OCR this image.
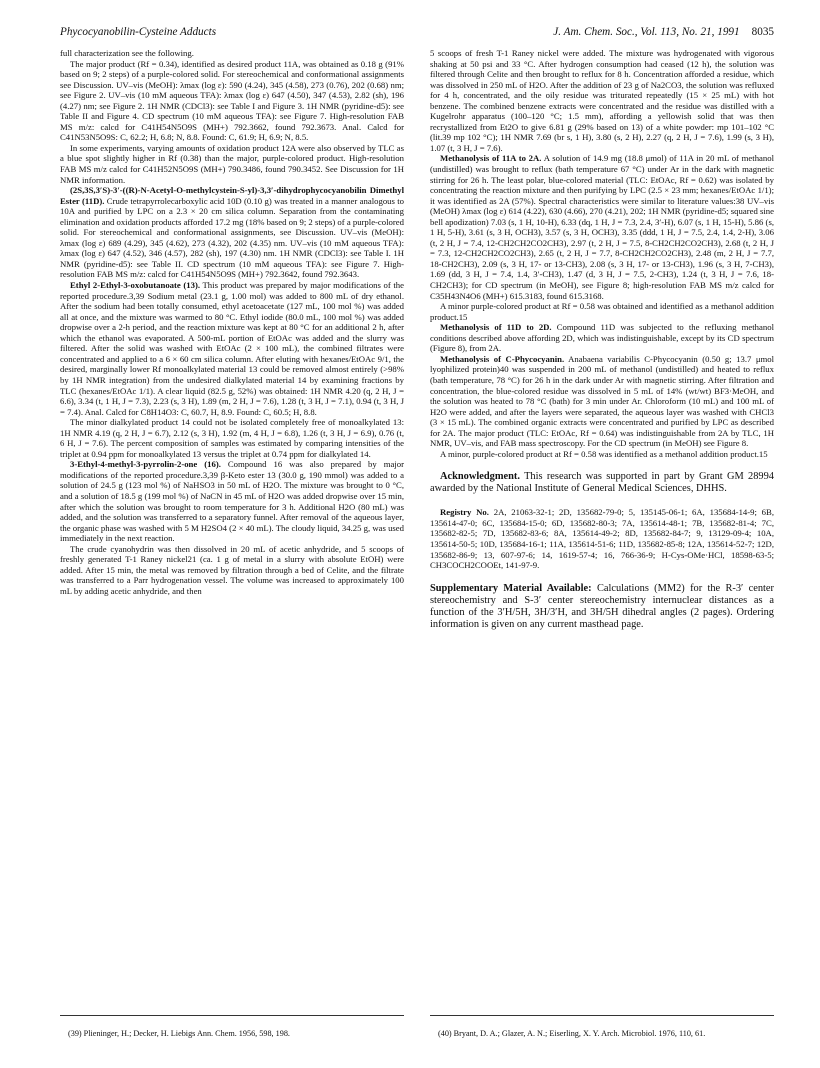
Phycocyanobilin-Cysteine Adducts	J. Am. Chem. Soc., Vol. 113, No. 21, 1991 8035

full characterization see the following.

The major product (Rf = 0.34), identified as desired product 11A, was obtained as 0.18 g (91% based on 9; 2 steps) of a purple-colored solid. For stereochemical and conformational assignments see Discussion. UV–vis (MeOH): λmax (log ε): 590 (4.24), 345 (4.58), 273 (0.76), 202 (0.68) nm; see Figure 2. UV–vis (10 mM aqueous TFA): λmax (log ε) 647 (4.50), 347 (4.53), 2.82 (sh), 196 (4.27) nm; see Figure 2. 1H NMR (CDCl3): see Table I and Figure 3. 1H NMR (pyridine-d5): see Table II and Figure 4. CD spectrum (10 mM aqueous TFA): see Figure 7. High-resolution FAB MS m/z: calcd for C41H54N5O9S (MH+) 792.3662, found 792.3673. Anal. Calcd for C41N53N5O9S: C, 62.2; H, 6.8; N, 8.8. Found: C, 61.9; H, 6.9; N, 8.5.

In some experiments, varying amounts of oxidation product 12A were also observed by TLC as a blue spot slightly higher in Rf (0.38) than the major, purple-colored product. High-resolution FAB MS m/z calcd for C41H52N5O9S (MH+) 790.3486, found 790.3452. See Discussion for 1H NMR information.

(2S,3S,3′S)-3′-((R)-N-Acetyl-O-methylcystein-S-yl)-3,3′-dihydrophycocyanobilin Dimethyl Ester (11D). Crude tetrapyrrolecarboxylic acid 10D (0.10 g) was treated in a manner analogous to 10A and purified by LPC on a 2.3 × 20 cm silica column. Separation from the contaminating elimination and oxidation products afforded 17.2 mg (18% based on 9; 2 steps) of a purple-colored solid. For stereochemical and conformational assignments, see Discussion. UV–vis (MeOH): λmax (log ε) 689 (4.29), 345 (4.62), 273 (4.32), 202 (4.35) nm. UV–vis (10 mM aqueous TFA): λmax (log ε) 647 (4.52), 346 (4.57), 282 (sh), 197 (4.30) nm. 1H NMR (CDCl3): see Table I. 1H NMR (pyridine-d5): see Table II. CD spectrum (10 mM aqueous TFA): see Figure 7. High-resolution FAB MS m/z: calcd for C41H54N5O9S (MH+) 792.3642, found 792.3643.

Ethyl 2-Ethyl-3-oxobutanoate (13). This product was prepared by major modifications of the reported procedure.3,39 Sodium metal (23.1 g, 1.00 mol) was added to 800 mL of dry ethanol. After the sodium had been totally consumed, ethyl acetoacetate (127 mL, 100 mol %) was added all at once, and the mixture was warmed to 80 °C. Ethyl iodide (80.0 mL, 100 mol %) was added dropwise over a 2-h period, and the reaction mixture was kept at 80 °C for an additional 2 h, after which the ethanol was evaporated. A 500-mL portion of EtOAc was added and the slurry was filtered. After the solid was washed with EtOAc (2 × 100 mL), the combined filtrates were concentrated and applied to a 6 × 60 cm silica column. After eluting with hexanes/EtOAc 9/1, the desired, marginally lower Rf monoalkylated material 13 could be removed almost entirely (>98% by 1H NMR integration) from the undesired dialkylated material 14 by examining fractions by TLC (hexanes/EtOAc 1/1). A clear liquid (82.5 g, 52%) was obtained: 1H NMR 4.20 (q, 2 H, J = 6.6), 3.34 (t, 1 H, J = 7.3), 2.23 (s, 3 H), 1.89 (m, 2 H, J = 7.6), 1.28 (t, 3 H, J = 7.1), 0.94 (t, 3 H, J = 7.4). Anal. Calcd for C8H14O3: C, 60.7, H, 8.9. Found: C, 60.5; H, 8.8.

The minor dialkylated product 14 could not be isolated completely free of monoalkylated 13: 1H NMR 4.19 (q, 2 H, J = 6.7), 2.12 (s, 3 H), 1.92 (m, 4 H, J = 6.8), 1.26 (t, 3 H, J = 6.9), 0.76 (t, 6 H, J = 7.6). The percent composition of samples was estimated by comparing intensities of the triplet at 0.94 ppm for monoalkylated 13 versus the triplet at 0.74 ppm for dialkylated 14.

3-Ethyl-4-methyl-3-pyrrolin-2-one (16). Compound 16 was also prepared by major modifications of the reported procedure.3,39 β-Keto ester 13 (30.0 g, 190 mmol) was added to a solution of 24.5 g (123 mol %) of NaHSO3 in 50 mL of H2O. The mixture was brought to 0 °C, and a solution of 18.5 g (199 mol %) of NaCN in 45 mL of H2O was added dropwise over 15 min, after which the solution was brought to room temperature for 3 h. Additional H2O (80 mL) was added, and the solution was transferred to a separatory funnel. After removal of the aqueous layer, the organic phase was washed with 5 M H2SO4 (2 × 40 mL). The cloudy liquid, 34.25 g, was used immediately in the next reaction.

The crude cyanohydrin was then dissolved in 20 mL of acetic anhydride, and 5 scoops of freshly generated T-1 Raney nickel21 (ca. 1 g of metal in a slurry with absolute EtOH) were added. After 15 min, the metal was removed by filtration through a bed of Celite, and the filtrate was transferred to a Parr hydrogenation vessel. The volume was increased to approximately 100 mL by adding acetic anhydride, and then

5 scoops of fresh T-1 Raney nickel were added. The mixture was hydrogenated with vigorous shaking at 50 psi and 33 °C. After hydrogen consumption had ceased (12 h), the solution was filtered through Celite and then brought to reflux for 8 h. Concentration afforded a residue, which was dissolved in 250 mL of H2O. After the addition of 23 g of Na2CO3, the solution was refluxed for 4 h, concentrated, and the oily residue was triturated repeatedly (15 × 25 mL) with hot benzene. The combined benzene extracts were concentrated and the residue was distilled with a Kugelrohr apparatus (100–120 °C; 1.5 mm), affording a yellowish solid that was then recrystallized from Et2O to give 6.81 g (29% based on 13) of a white powder: mp 101–102 °C (lit.39 mp 102 °C); 1H NMR 7.69 (br s, 1 H), 3.80 (s, 2 H), 2.27 (q, 2 H, J = 7.6), 1.99 (s, 3 H), 1.07 (t, 3 H, J = 7.6).

Methanolysis of 11A to 2A. A solution of 14.9 mg (18.8 μmol) of 11A in 20 mL of methanol (undistilled) was brought to reflux (bath temperature 67 °C) under Ar in the dark with magnetic stirring for 26 h. The least polar, blue-colored material (TLC: EtOAc, Rf = 0.62) was isolated by concentrating the reaction mixture and then purifying by LPC (2.5 × 23 mm; hexanes/EtOAc 1/1); it was identified as 2A (57%). Spectral characteristics were similar to literature values:38 UV–vis (MeOH) λmax (log ε) 614 (4.22), 630 (4.66), 270 (4.21), 202; 1H NMR (pyridine-d5; squared sine bell apodization) 7.03 (s, 1 H, 10-H), 6.33 (dq, 1 H, J = 7.3, 2.4, 3′-H), 6.07 (s, 1 H, 15-H), 5.86 (s, 1 H, 5-H), 3.61 (s, 3 H, OCH3), 3.57 (s, 3 H, OCH3), 3.35 (ddd, 1 H, J = 7.5, 2.4, 1.4, 2-H), 3.06 (t, 2 H, J = 7.4, 12-CH2CH2CO2CH3), 2.97 (t, 2 H, J = 7.5, 8-CH2CH2CO2CH3), 2.68 (t, 2 H, J = 7.3, 12-CH2CH2CO2CH3), 2.65 (t, 2 H, J = 7.7, 8-CH2CH2CO2CH3), 2.48 (m, 2 H, J = 7.7, 18-CH2CH3), 2.09 (s, 3 H, 17- or 13-CH3), 2.08 (s, 3 H, 17- or 13-CH3), 1.96 (s, 3 H, 7-CH3), 1.69 (dd, 3 H, J = 7.4, 1.4, 3′-CH3), 1.47 (d, 3 H, J = 7.5, 2-CH3), 1.24 (t, 3 H, J = 7.6, 18-CH2CH3); for CD spectrum (in MeOH), see Figure 8; high-resolution FAB MS m/z calcd for C35H43N4O6 (MH+) 615.3183, found 615.3168.

A minor purple-colored product at Rf = 0.58 was obtained and identified as a methanol addition product.15

Methanolysis of 11D to 2D. Compound 11D was subjected to the refluxing methanol conditions described above affording 2D, which was indistinguishable, except by its CD spectrum (Figure 8), from 2A.

Methanolysis of C-Phycocyanin. Anabaena variabilis C-Phycocyanin (0.50 g; 13.7 μmol lyophilized protein)40 was suspended in 200 mL of methanol (undistilled) and heated to reflux (bath temperature, 78 °C) for 26 h in the dark under Ar with magnetic stirring. After filtration and concentration, the blue-colored residue was dissolved in 5 mL of 14% (wt/wt) BF3·MeOH, and the solution was heated to 78 °C (bath) for 3 min under Ar. Chloroform (10 mL) and 100 mL of H2O were added, and after the layers were separated, the aqueous layer was washed with CHCl3 (3 × 15 mL). The combined organic extracts were concentrated and purified by LPC as described for 2A. The major product (TLC: EtOAc, Rf = 0.64) was indistinguishable from 2A by TLC, 1H NMR, UV–vis, and FAB mass spectroscopy. For the CD spectrum (in MeOH) see Figure 8.

A minor, purple-colored product at Rf = 0.58 was identified as a methanol addition product.15

Acknowledgment. This research was supported in part by Grant GM 28994 awarded by the National Institute of General Medical Sciences, DHHS.

Registry No. 2A, 21063-32-1; 2D, 135682-79-0; 5, 135145-06-1; 6A, 135684-14-9; 6B, 135614-47-0; 6C, 135684-15-0; 6D, 135682-80-3; 7A, 135614-48-1; 7B, 135682-81-4; 7C, 135682-82-5; 7D, 135682-83-6; 8A, 135614-49-2; 8D, 135682-84-7; 9, 13129-09-4; 10A, 135614-50-5; 10D, 135684-16-1; 11A, 135614-51-6; 11D, 135682-85-8; 12A, 135614-52-7; 12D, 135682-86-9; 13, 607-97-6; 14, 1619-57-4; 16, 766-36-9; H-Cys-OMe·HCl, 18598-63-5; CH3COCH2COOEt, 141-97-9.

Supplementary Material Available: Calculations (MM2) for the R-3′ center stereochemistry and S-3′ center stereochemistry internuclear distances as a function of the 3′H/5H, 3H/3′H, and 3H/5H dihedral angles (2 pages). Ordering information is given on any current masthead page.

(39) Plieninger, H.; Decker, H. Liebigs Ann. Chem. 1956, 598, 198.	(40) Bryant, D. A.; Glazer, A. N.; Eiserling, X. Y. Arch. Microbiol. 1976, 110, 61.
